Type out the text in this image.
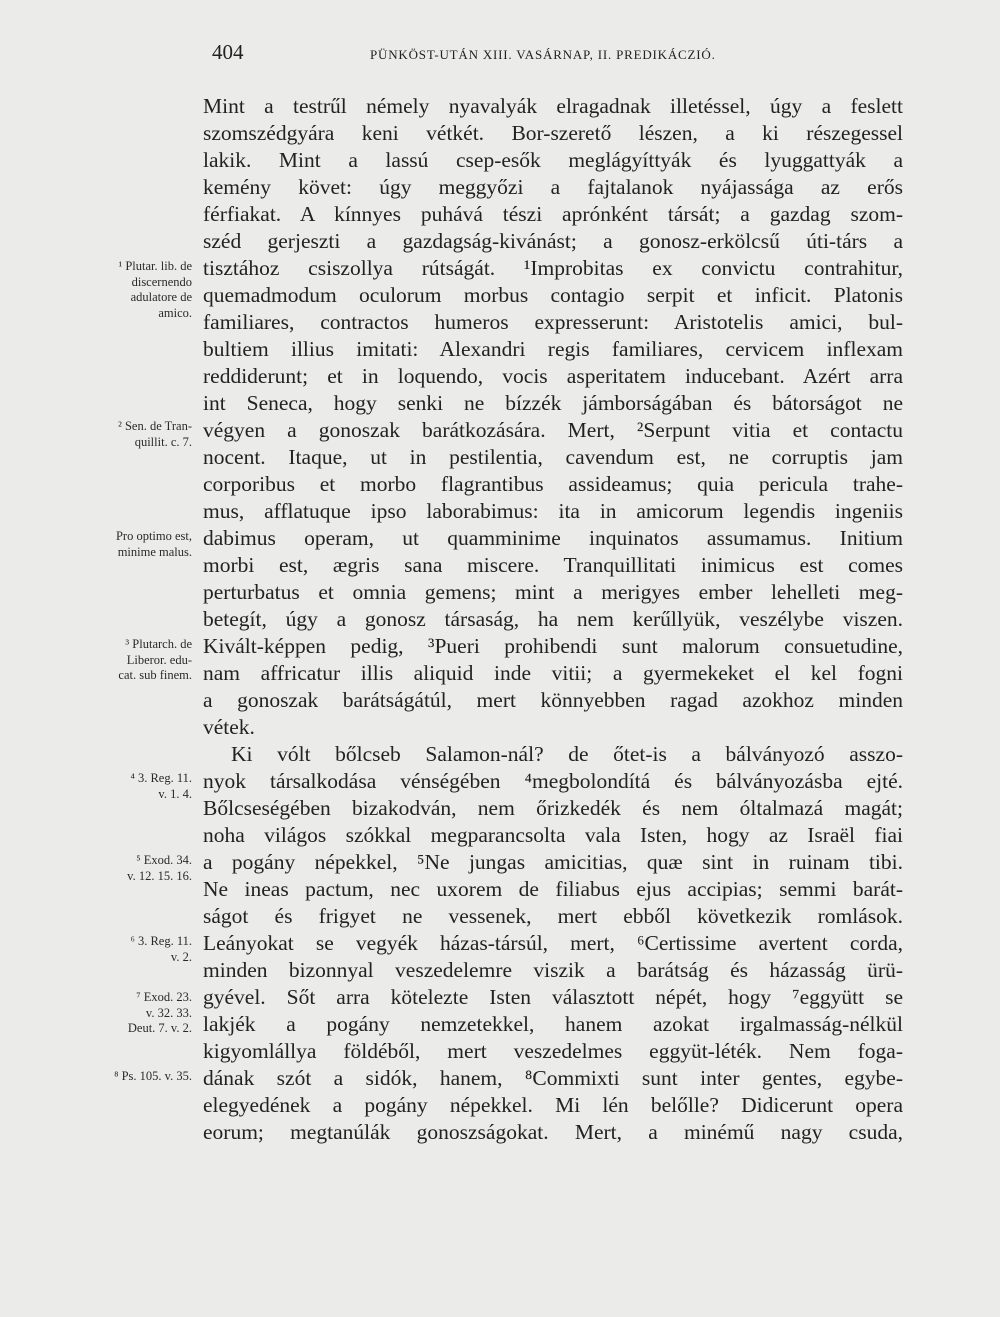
404	PÜNKÖST-UTÁN XIII. VASÁRNAP, II. PREDIKÁCZIÓ.
Mint a testrűl némely nyavalyák elragadnak illetéssel, úgy a feslett
szomszédgyára keni vétkét. Bor-szerető lészen, a ki részegessel
lakik. Mint a lassú csep-esők meglágyíttyák és lyuggattyák a
kemény követ: úgy meggyőzi a fajtalanok nyájassága az erős
férfiakat. A kínnyes puhává tészi aprónként társát; a gazdag szom-
széd gerjeszti a gazdagság-kivánást; a gonosz-erkölcsű úti-társ a
tisztához csiszollya rútságát. ¹Improbitas ex convictu contrahitur,
quemadmodum oculorum morbus contagio serpit et inficit. Platonis
familiares, contractos humeros expresserunt: Aristotelis amici, bul-
bultiem illius imitati: Alexandri regis familiares, cervicem inflexam
reddiderunt; et in loquendo, vocis asperitatem inducebant. Azért arra
int Seneca, hogy senki ne bízzék jámborságában és bátorságot ne
végyen a gonoszak barátkozására. Mert, ²Serpunt vitia et contactu
nocent. Itaque, ut in pestilentia, cavendum est, ne corruptis jam
corporibus et morbo flagrantibus assideamus; quia pericula trahe-
mus, afflatuque ipso laborabimus: ita in amicorum legendis ingeniis
dabimus operam, ut quamminime inquinatos assumamus. Initium
morbi est, ægris sana miscere. Tranquillitati inimicus est comes
perturbatus et omnia gemens; mint a merigyes ember lehelleti meg-
betegít, úgy a gonosz társaság, ha nem kerűllyük, veszélybe viszen.
Kivált-képpen pedig, ³Pueri prohibendi sunt malorum consuetudine,
nam affricatur illis aliquid inde vitii; a gyermekeket el kel fogni
a gonoszak barátságátúl, mert könnyebben ragad azokhoz minden
vétek.
Ki vólt bőlcseb Salamon-nál? de őtet-is a bálványozó asszo-
nyok társalkodása vénségében ⁴megbolondítá és bálványozásba ejté.
Bőlcseségében bizakodván, nem őrizkedék és nem óltalmazá magát;
noha világos szókkal megparancsolta vala Isten, hogy az Israël fiai
a pogány népekkel, ⁵Ne jungas amicitias, quæ sint in ruinam tibi.
Ne ineas pactum, nec uxorem de filiabus ejus accipias; semmi barát-
ságot és frigyet ne vessenek, mert ebből következik romlások.
Leányokat se vegyék házas-társúl, mert, ⁶Certissime avertent corda,
minden bizonnyal veszedelemre viszik a barátság és házasság ürü-
gyével. Sőt arra kötelezte Isten választott népét, hogy ⁷eggyütt se
lakjék a pogány nemzetekkel, hanem azokat irgalmasság-nélkül
kigyomlállya földéből, mert veszedelmes eggyüt-léték. Nem foga-
dának szót a sidók, hanem, ⁸Commixti sunt inter gentes, egybe-
elegyedének a pogány népekkel. Mi lén belőlle? Didicerunt opera
eorum; megtanúlák gonoszságokat. Mert, a minémű nagy csuda,
¹ Plutar. lib. de
discernendo
adulatore de
amico.
² Sen. de Tran-
quillit. c. 7.
Pro optimo est,
minime malus.
³ Plutarch. de
Liberor. edu-
cat. sub finem.
⁴ 3. Reg. 11.
v. 1. 4.
⁵ Exod. 34.
v. 12. 15. 16.
⁶ 3. Reg. 11.
v. 2.
⁷ Exod. 23.
v. 32. 33.
Deut. 7. v. 2.
⁸ Ps. 105. v. 35.
